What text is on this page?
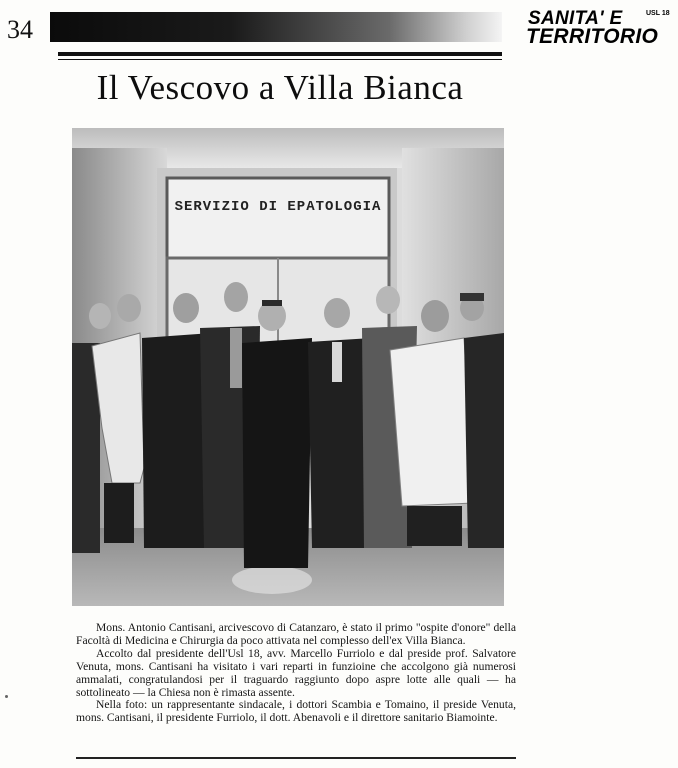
34	SANITA' E
TERRITORIO
USL 18
Il Vescovo a Villa Bianca
SERVIZIO DI EPATOLOGIA

Mons. Antonio Cantisani, arcivescovo di Catanzaro, è stato il primo "ospite d'onore" della Facoltà di Medicina e Chirurgia da poco attivata nel complesso dell'ex Villa Bianca.

Accolto dal presidente dell'Usl 18, avv. Marcello Furriolo e dal preside prof. Salvatore Venuta, mons. Cantisani ha visitato i vari reparti in funzioine che accolgono già numerosi ammalati, congratulandosi per il traguardo raggiunto dopo aspre lotte alle quali — ha sottolineato — la Chiesa non è rimasta assente.

Nella foto: un rappresentante sindacale, i dottori Scambia e Tomaino, il preside Venuta, mons. Cantisani, il presidente Furriolo, il dott. Abenavoli e il direttore sanitario Biamointe.
